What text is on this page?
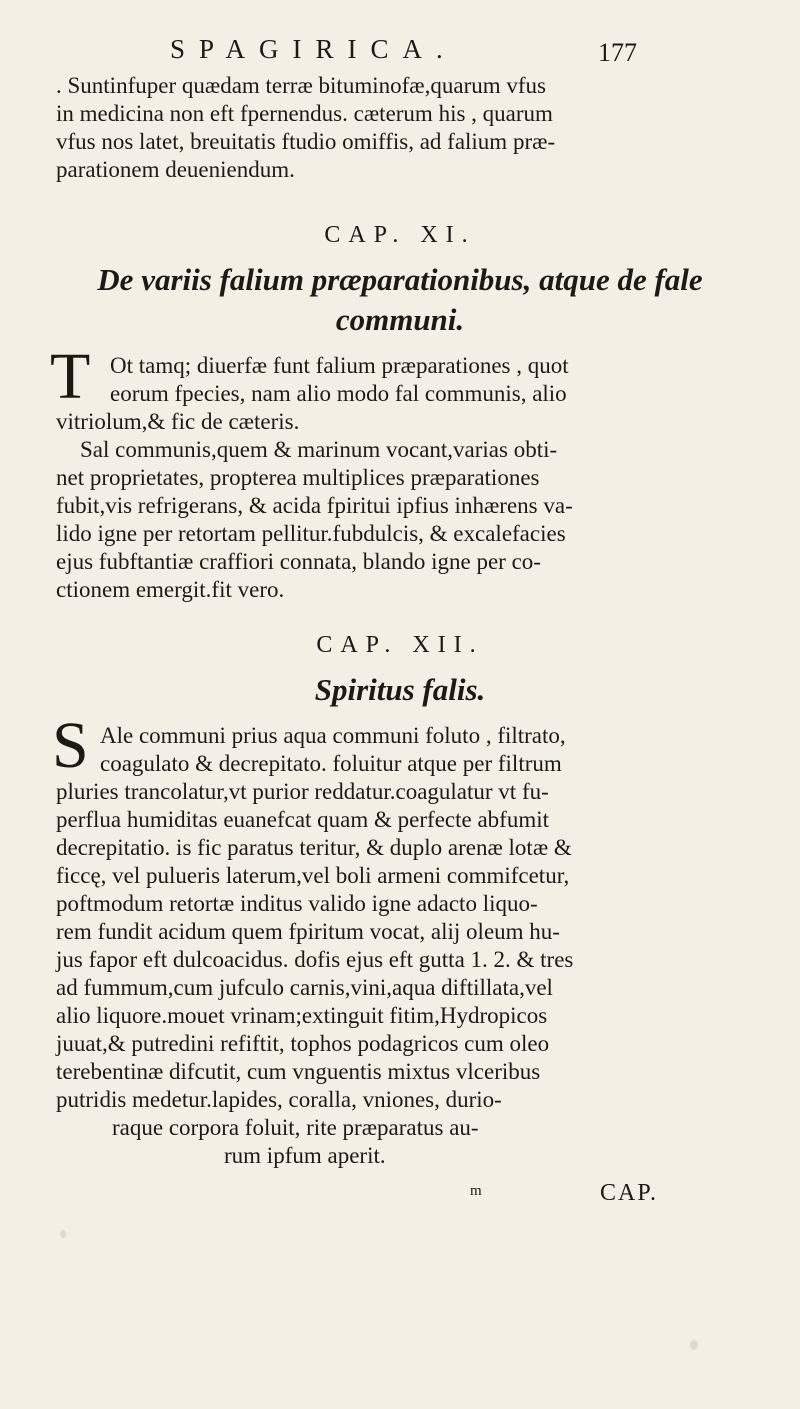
SPAGIRICA.	177
. Suntinfuper quædam terræ bituminofæ,quarum vfus
in medicina non eft fpernendus. cæterum his , quarum
vfus nos latet, breuitatis ftudio omiffis, ad falium præ-
parationem deueniendum.
CAP. XI.
De variis falium præparationibus, atque de fale
communi.
T Ot tamq; diuerfæ funt falium præparationes , quot
eorum fpecies, nam alio modo fal communis, alio
vitriolum,& fic de cæteris.
Sal communis,quem & marinum vocant,varias obti-
net proprietates, propterea multiplices præparationes
fubit,vis refrigerans, & acida fpiritui ipfius inhærens va-
lido igne per retortam pellitur.fubdulcis, & excalefacies
ejus fubftantiæ craffiori connata, blando igne per co-
ctionem emergit.fit vero.
CAP. XII.
Spiritus falis.
S Ale communi prius aqua communi foluto , filtrato,
coagulato & decrepitato. foluitur atque per filtrum
pluries trancolatur,vt purior reddatur.coagulatur vt fu-
perflua humiditas euanefcat quam & perfecte abfumit
decrepitatio. is fic paratus teritur, & duplo arenæ lotæ &
ficcę, vel pulueris laterum,vel boli armeni commifcetur,
poftmodum retortæ inditus valido igne adacto liquo-
rem fundit acidum quem fpiritum vocat, alij oleum hu-
jus fapor eft dulcoacidus. dofis ejus eft gutta 1. 2. & tres
ad fummum,cum jufculo carnis,vini,aqua diftillata,vel
alio liquore.mouet vrinam;extinguit fitim,Hydropicos
juuat,& putredini refiftit, tophos podagricos cum oleo
terebentinæ difcutit, cum vnguentis mixtus vlceribus
putridis medetur.lapides, coralla, vniones, durio-
raque corpora foluit, rite præparatus au-
rum ipfum aperit.
m	CAP.
